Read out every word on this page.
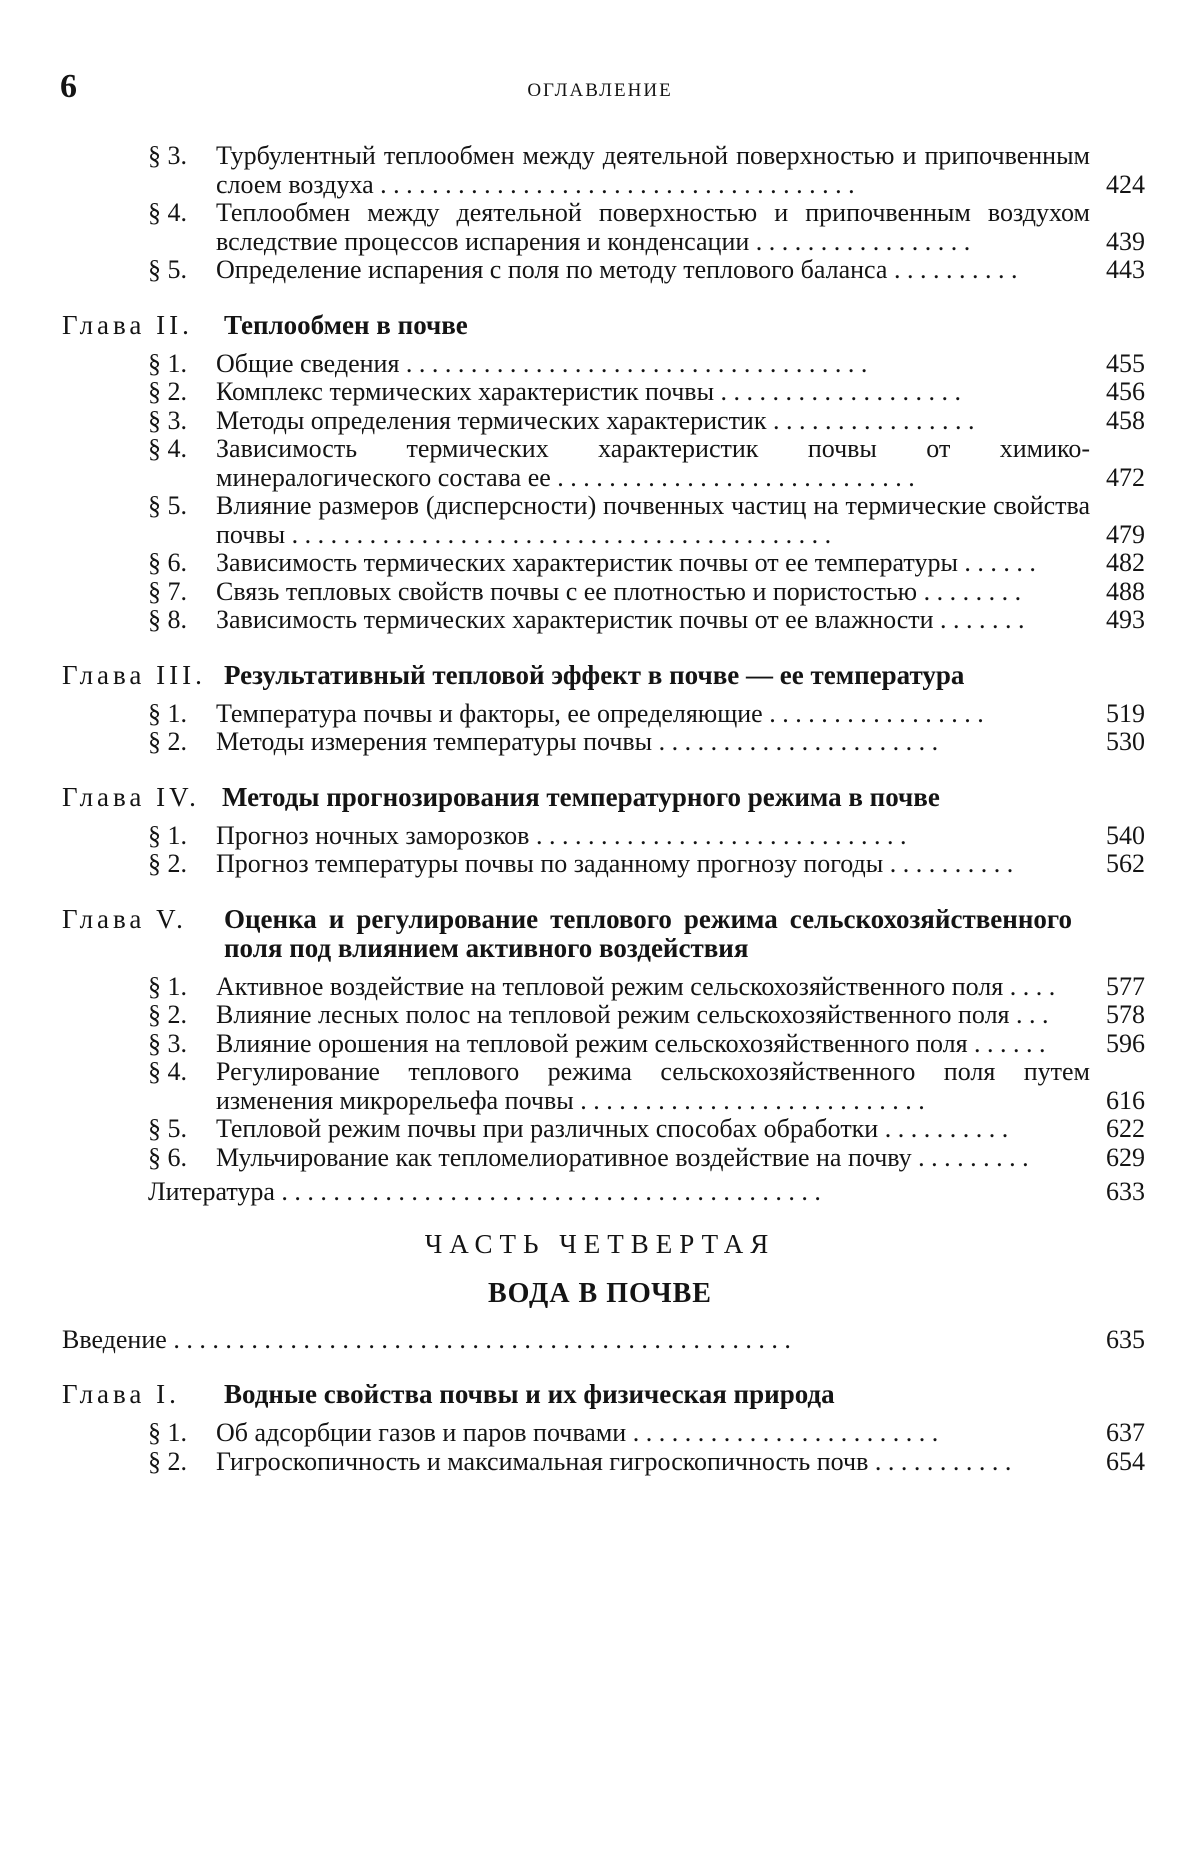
6	ОГЛАВЛЕНИЕ
§ 3.	Турбулентный теплообмен между деятельной поверхностью и припочвенным слоем воздуха . . . . . . . . . . . . . . . . . . . . . . . . . . . . . . . . . . . . .	424
§ 4.	Теплообмен между деятельной поверхностью и припочвенным воздухом вследствие процессов испарения и конденсации . . . . . . . . . . . . . . . . .	439
§ 5.	Определение испарения с поля по методу теплового баланса . . . . . . . . . .	443
Глава II. Теплообмен в почве
§ 1.	Общие сведения . . . . . . . . . . . . . . . . . . . . . . . . . . . . . . . . . . . .	455
§ 2.	Комплекс термических характеристик почвы . . . . . . . . . . . . . . . . . . .	456
§ 3.	Методы определения термических характеристик . . . . . . . . . . . . . . . .	458
§ 4.	Зависимость термических характеристик почвы от химико-минералогического состава ее . . . . . . . . . . . . . . . . . . . . . . . . . . . .	472
§ 5.	Влияние размеров (дисперсности) почвенных частиц на термические свойства почвы . . . . . . . . . . . . . . . . . . . . . . . . . . . . . . . . . . . . . . . . . .	479
§ 6.	Зависимость термических характеристик почвы от ее температуры . . . . . .	482
§ 7.	Связь тепловых свойств почвы с ее плотностью и пористостью . . . . . . . .	488
§ 8.	Зависимость термических характеристик почвы от ее влажности . . . . . . .	493
Глава III. Результативный тепловой эффект в почве — ее температура
§ 1.	Температура почвы и факторы, ее определяющие . . . . . . . . . . . . . . . . .	519
§ 2.	Методы измерения температуры почвы . . . . . . . . . . . . . . . . . . . . . .	530
Глава IV. Методы прогнозирования температурного режима в почве
§ 1.	Прогноз ночных заморозков . . . . . . . . . . . . . . . . . . . . . . . . . . . . .	540
§ 2.	Прогноз температуры почвы по заданному прогнозу погоды . . . . . . . . . .	562
Глава V. Оценка и регулирование теплового режима сельскохозяйственного поля под влиянием активного воздействия
§ 1.	Активное воздействие на тепловой режим сельскохозяйственного поля . . . .	577
§ 2.	Влияние лесных полос на тепловой режим сельскохозяйственного поля . . .	578
§ 3.	Влияние орошения на тепловой режим сельскохозяйственного поля . . . . . .	596
§ 4.	Регулирование теплового режима сельскохозяйственного поля путем изменения микрорельефа почвы . . . . . . . . . . . . . . . . . . . . . . . . . . .	616
§ 5.	Тепловой режим почвы при различных способах обработки . . . . . . . . . .	622
§ 6.	Мульчирование как тепломелиоративное воздействие на почву . . . . . . . . .	629
Литература . . . . . . . . . . . . . . . . . . . . . . . . . . . . . . . . . . . . . . . . . .	633
ЧАСТЬ ЧЕТВЕРТАЯ
ВОДА В ПОЧВЕ
Введение . . . . . . . . . . . . . . . . . . . . . . . . . . . . . . . . . . . . . . . . . . . . . . . .	635
Глава I. Водные свойства почвы и их физическая природа
§ 1.	Об адсорбции газов и паров почвами . . . . . . . . . . . . . . . . . . . . . . . .	637
§ 2.	Гигроскопичность и максимальная гигроскопичность почв . . . . . . . . . . .	654
